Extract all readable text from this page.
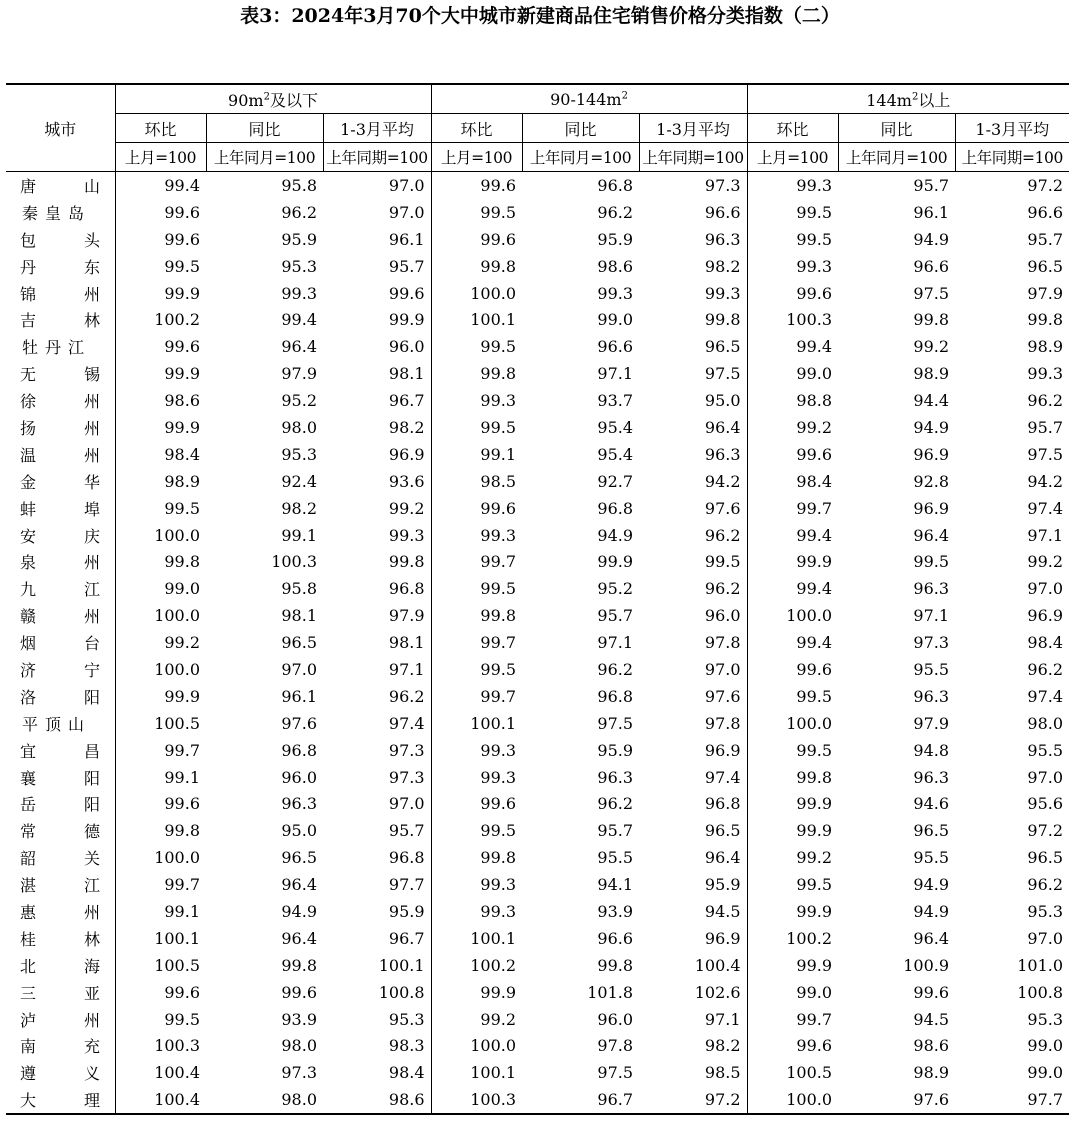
表3：2024年3月70个大中城市新建商品住宅销售价格分类指数（二）
城市	$90m^2$及以下			$90-144m^2$			$144m^2$以上		
	环比	同比	1-3月平均	环比	同比	1-3月平均	环比	同比	1-3月平均
	上月=100	上年同月=100	上年同期=100	上月=100	上年同月=100	上年同期=100	上月=100	上年同月=100	上年同期=100

唐 山	99.4	95.8	97.0	99.6	96.8	97.3	99.3	95.7	97.2

秦 皇 岛	99.6	96.2	97.0	99.5	96.2	96.6	99.5	96.1	96.6

包 头	99.6	95.9	96.1	99.6	95.9	96.3	99.5	94.9	95.7

丹 东	99.5	95.3	95.7	99.8	98.6	98.2	99.3	96.6	96.5

锦 州	99.9	99.3	99.6	100.0	99.3	99.3	99.6	97.5	97.9

吉 林	100.2	99.4	99.9	100.1	99.0	99.8	100.3	99.8	99.8

牡 丹 江	99.6	96.4	96.0	99.5	96.6	96.5	99.4	99.2	98.9

无 锡	99.9	97.9	98.1	99.8	97.1	97.5	99.0	98.9	99.3

徐 州	98.6	95.2	96.7	99.3	93.7	95.0	98.8	94.4	96.2

扬 州	99.9	98.0	98.2	99.5	95.4	96.4	99.2	94.9	95.7

温 州	98.4	95.3	96.9	99.1	95.4	96.3	99.6	96.9	97.5

金 华	98.9	92.4	93.6	98.5	92.7	94.2	98.4	92.8	94.2

蚌 埠	99.5	98.2	99.2	99.6	96.8	97.6	99.7	96.9	97.4

安 庆	100.0	99.1	99.3	99.3	94.9	96.2	99.4	96.4	97.1

泉 州	99.8	100.3	99.8	99.7	99.9	99.5	99.9	99.5	99.2

九 江	99.0	95.8	96.8	99.5	95.2	96.2	99.4	96.3	97.0

赣 州	100.0	98.1	97.9	99.8	95.7	96.0	100.0	97.1	96.9

烟 台	99.2	96.5	98.1	99.7	97.1	97.8	99.4	97.3	98.4

济 宁	100.0	97.0	97.1	99.5	96.2	97.0	99.6	95.5	96.2

洛 阳	99.9	96.1	96.2	99.7	96.8	97.6	99.5	96.3	97.4

平 顶 山	100.5	97.6	97.4	100.1	97.5	97.8	100.0	97.9	98.0

宜 昌	99.7	96.8	97.3	99.3	95.9	96.9	99.5	94.8	95.5

襄 阳	99.1	96.0	97.3	99.3	96.3	97.4	99.8	96.3	97.0

岳 阳	99.6	96.3	97.0	99.6	96.2	96.8	99.9	94.6	95.6

常 德	99.8	95.0	95.7	99.5	95.7	96.5	99.9	96.5	97.2

韶 关	100.0	96.5	96.8	99.8	95.5	96.4	99.2	95.5	96.5

湛 江	99.7	96.4	97.7	99.3	94.1	95.9	99.5	94.9	96.2

惠 州	99.1	94.9	95.9	99.3	93.9	94.5	99.9	94.9	95.3

桂 林	100.1	96.4	96.7	100.1	96.6	96.9	100.2	96.4	97.0

北 海	100.5	99.8	100.1	100.2	99.8	100.4	99.9	100.9	101.0

三 亚	99.6	99.6	100.8	99.9	101.8	102.6	99.0	99.6	100.8

泸 州	99.5	93.9	95.3	99.2	96.0	97.1	99.7	94.5	95.3

南 充	100.3	98.0	98.3	100.0	97.8	98.2	99.6	98.6	99.0

遵 义	100.4	97.3	98.4	100.1	97.5	98.5	100.5	98.9	99.0

大 理	100.4	98.0	98.6	100.3	96.7	97.2	100.0	97.6	97.7
